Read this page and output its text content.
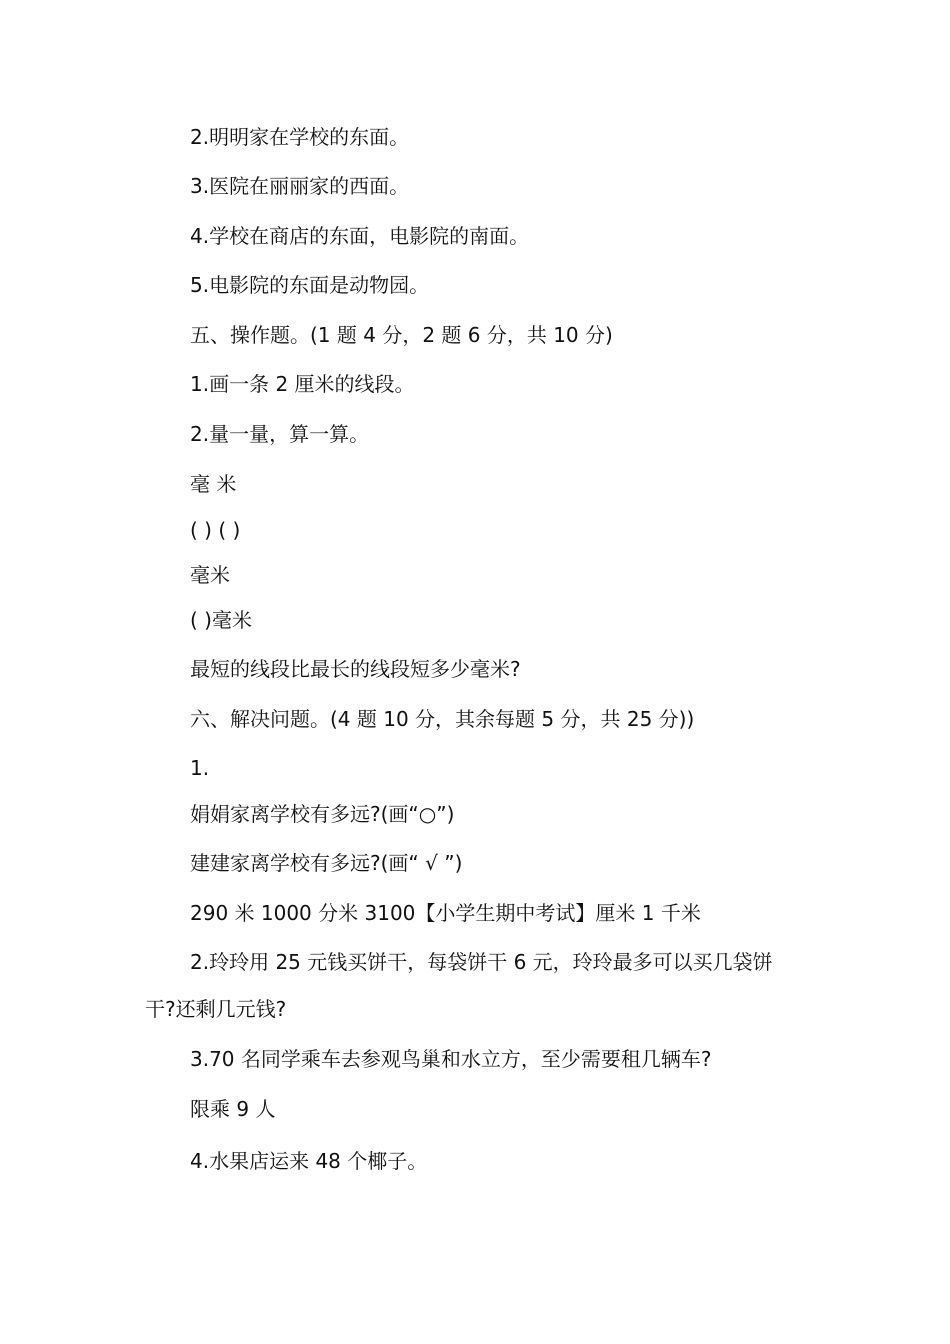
2.明明家在学校的东面。
3.医院在丽丽家的西面。
4.学校在商店的东面，电影院的南面。
5.电影院的东面是动物园。
五、操作题。(1 题 4 分，2 题 6 分，共 10 分)
1.画一条 2 厘米的线段。
2.量一量，算一算。
毫 米
( ) ( )
毫米
( )毫米
最短的线段比最长的线段短多少毫米?
六、解决问题。(4 题 10 分，其余每题 5 分，共 25 分))
1.
娟娟家离学校有多远?(画“○”)
建建家离学校有多远?(画“ √ ”)
290 米 1000 分米 3100【小学生期中考试】厘米 1 千米
2.玲玲用 25 元钱买饼干，每袋饼干 6 元，玲玲最多可以买几袋饼
干?还剩几元钱?
3.70 名同学乘车去参观鸟巢和水立方，至少需要租几辆车?
限乘 9 人
4.水果店运来 48 个椰子。
